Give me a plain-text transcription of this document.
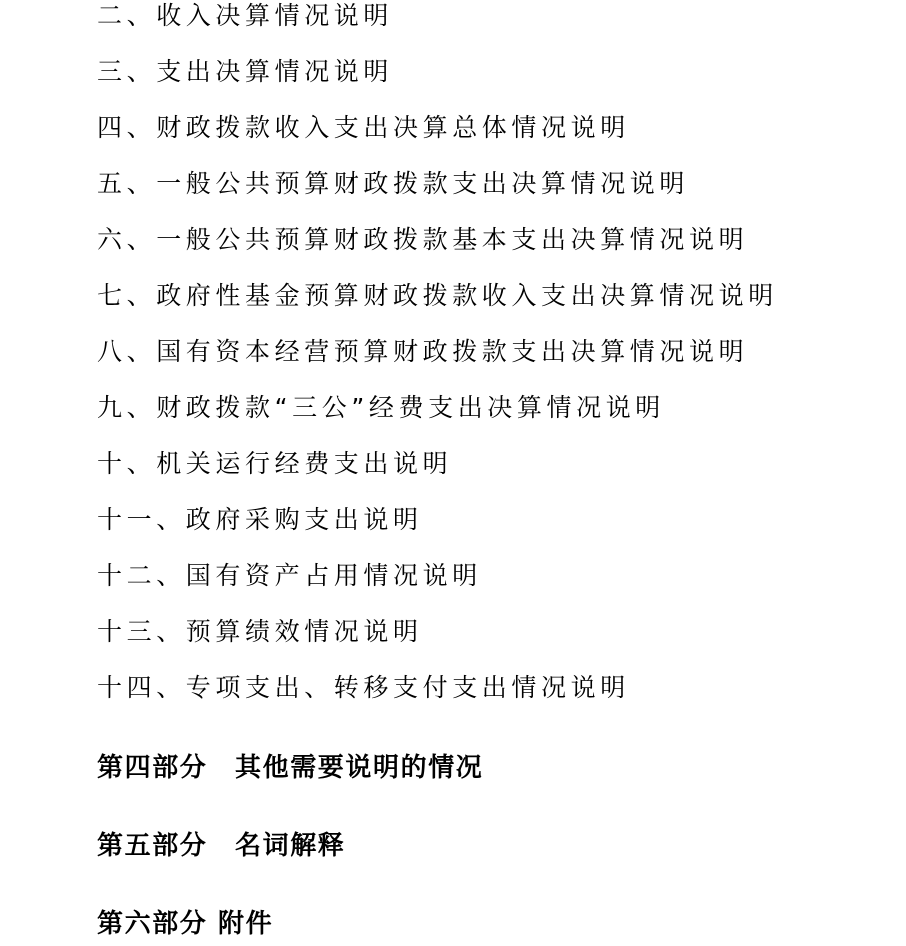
二、收入决算情况说明
三、支出决算情况说明
四、财政拨款收入支出决算总体情况说明
五、一般公共预算财政拨款支出决算情况说明
六、一般公共预算财政拨款基本支出决算情况说明
七、政府性基金预算财政拨款收入支出决算情况说明
八、国有资本经营预算财政拨款支出决算情况说明
九、财政拨款“三公”经费支出决算情况说明
十、机关运行经费支出说明
十一、政府采购支出说明
十二、国有资产占用情况说明
十三、预算绩效情况说明
十四、专项支出、转移支付支出情况说明
第四部分　其他需要说明的情况
第五部分　名词解释
第六部分 附件
